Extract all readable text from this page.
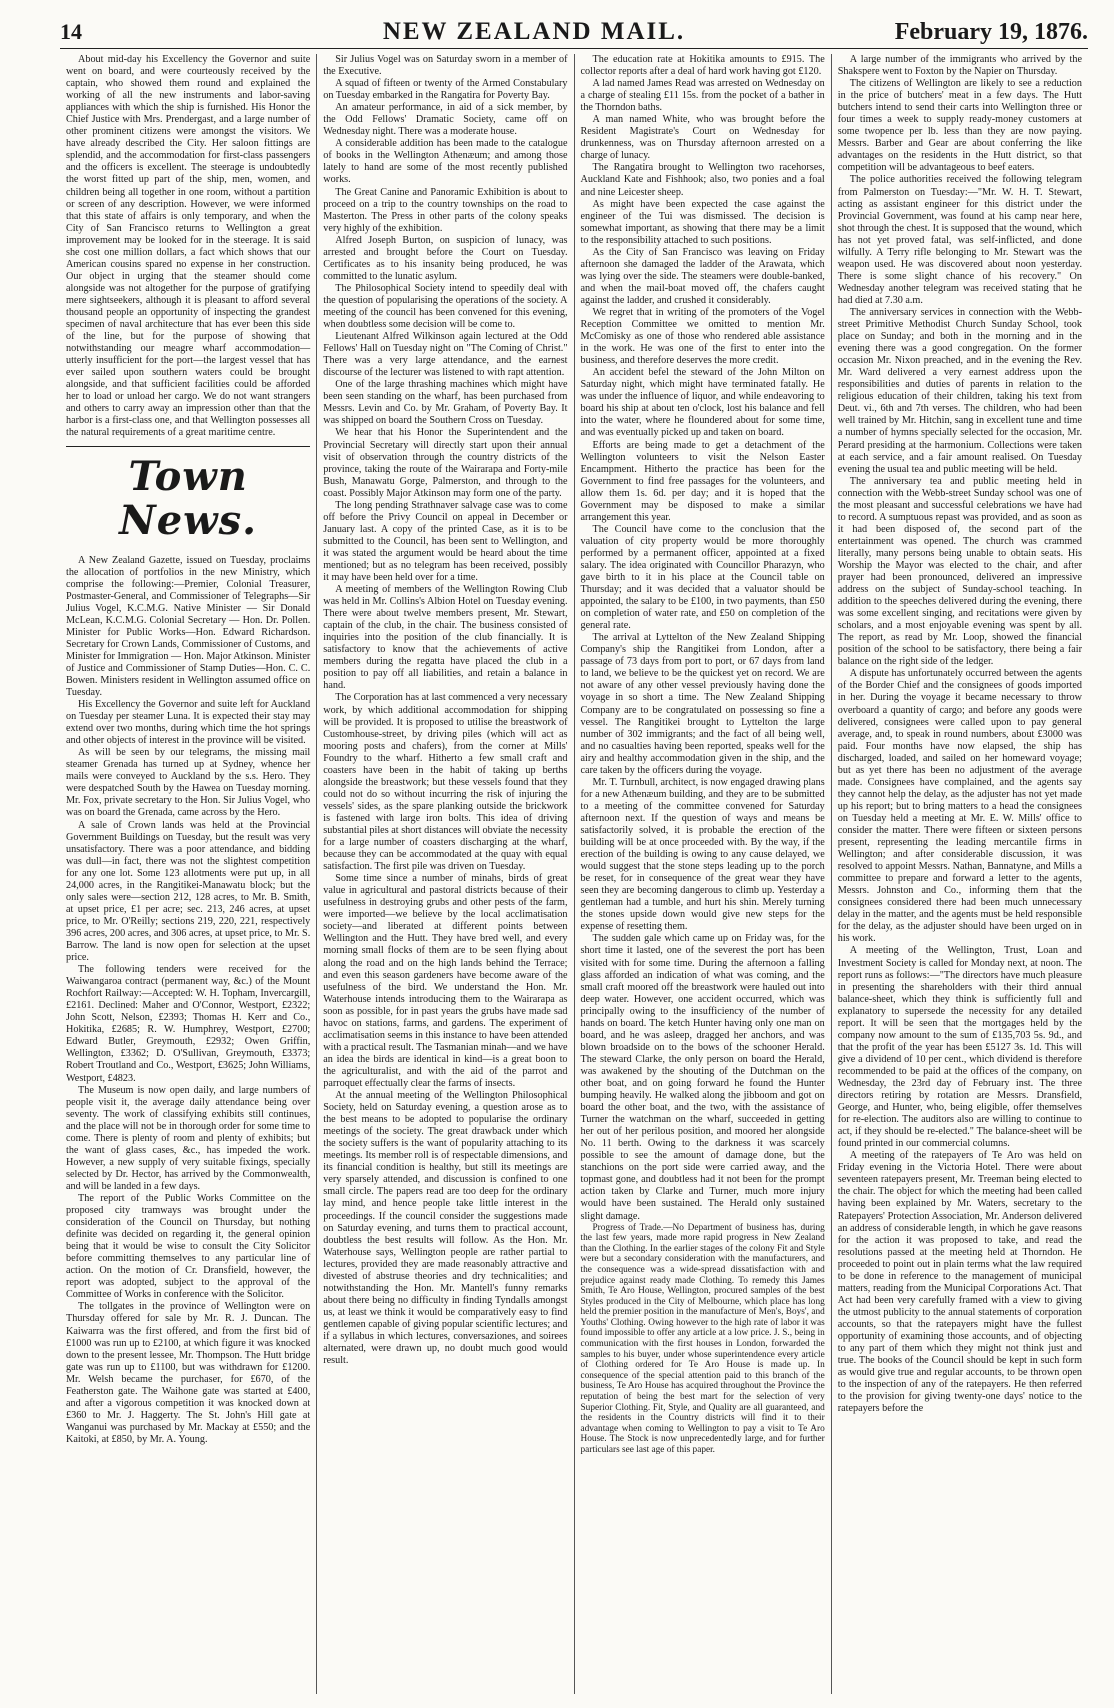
14	NEW ZEALAND MAIL.	February 19, 1876.

About mid-day his Excellency the Governor and suite went on board, and were courteously received by the captain, who showed them round and explained the working of all the new instruments and labor-saving appliances with which the ship is furnished. His Honor the Chief Justice with Mrs. Prendergast, and a large number of other prominent citizens were amongst the visitors. We have already described the City. Her saloon fittings are splendid, and the accommodation for first-class passengers and the officers is excellent. The steerage is undoubtedly the worst fitted up part of the ship, men, women, and children being all together in one room, without a partition or screen of any description. However, we were informed that this state of affairs is only temporary, and when the City of San Francisco returns to Wellington a great improvement may be looked for in the steerage. It is said she cost one million dollars, a fact which shows that our American cousins spared no expense in her construction. Our object in urging that the steamer should come alongside was not altogether for the purpose of gratifying mere sightseekers, although it is pleasant to afford several thousand people an opportunity of inspecting the grandest specimen of naval architecture that has ever been this side of the line, but for the purpose of showing that notwithstanding our meagre wharf accommodation—utterly insufficient for the port—the largest vessel that has ever sailed upon southern waters could be brought alongside, and that sufficient facilities could be afforded her to load or unload her cargo. We do not want strangers and others to carry away an impression other than that the harbor is a first-class one, and that Wellington possesses all the natural requirements of a great maritime centre.

Town News.

A New Zealand Gazette, issued on Tuesday, proclaims the allocation of portfolios in the new Ministry, which comprise the following:—Premier, Colonial Treasurer, Postmaster-General, and Commissioner of Telegraphs—Sir Julius Vogel, K.C.M.G. Native Minister — Sir Donald McLean, K.C.M.G. Colonial Secretary — Hon. Dr. Pollen. Minister for Public Works—Hon. Edward Richardson. Secretary for Crown Lands, Commissioner of Customs, and Minister for Immigration — Hon. Major Atkinson. Minister of Justice and Commissioner of Stamp Duties—Hon. C. C. Bowen. Ministers resident in Wellington assumed office on Tuesday.

His Excellency the Governor and suite left for Auckland on Tuesday per steamer Luna. It is expected their stay may extend over two months, during which time the hot springs and other objects of interest in the province will be visited.

As will be seen by our telegrams, the missing mail steamer Grenada has turned up at Sydney, whence her mails were conveyed to Auckland by the s.s. Hero. They were despatched South by the Hawea on Tuesday morning. Mr. Fox, private secretary to the Hon. Sir Julius Vogel, who was on board the Grenada, came across by the Hero.

A sale of Crown lands was held at the Provincial Government Buildings on Tuesday, but the result was very unsatisfactory. There was a poor attendance, and bidding was dull—in fact, there was not the slightest competition for any one lot. Some 123 allotments were put up, in all 24,000 acres, in the Rangitikei-Manawatu block; but the only sales were—section 212, 128 acres, to Mr. B. Smith, at upset price, £1 per acre; sec. 213, 246 acres, at upset price, to Mr. O'Reilly; sections 219, 220, 221, respectively 396 acres, 200 acres, and 306 acres, at upset price, to Mr. S. Barrow. The land is now open for selection at the upset price.

The following tenders were received for the Waiwangaroa contract (permanent way, &c.) of the Mount Rochfort Railway:—Accepted: W. H. Topham, Invercargill, £2161. Declined: Maher and O'Connor, Westport, £2322; John Scott, Nelson, £2393; Thomas H. Kerr and Co., Hokitika, £2685; R. W. Humphrey, Westport, £2700; Edward Butler, Greymouth, £2932; Owen Griffin, Wellington, £3362; D. O'Sullivan, Greymouth, £3373; Robert Troutland and Co., Westport, £3625; John Williams, Westport, £4823.

The Museum is now open daily, and large numbers of people visit it, the average daily attendance being over seventy. The work of classifying exhibits still continues, and the place will not be in thorough order for some time to come. There is plenty of room and plenty of exhibits; but the want of glass cases, &c., has impeded the work. However, a new supply of very suitable fixings, specially selected by Dr. Hector, has arrived by the Commonwealth, and will be landed in a few days.

The report of the Public Works Committee on the proposed city tramways was brought under the consideration of the Council on Thursday, but nothing definite was decided on regarding it, the general opinion being that it would be wise to consult the City Solicitor before committing themselves to any particular line of action. On the motion of Cr. Dransfield, however, the report was adopted, subject to the approval of the Committee of Works in conference with the Solicitor.

The tollgates in the province of Wellington were on Thursday offered for sale by Mr. R. J. Duncan. The Kaiwarra was the first offered, and from the first bid of £1000 was run up to £2100, at which figure it was knocked down to the present lessee, Mr. Thompson. The Hutt bridge gate was run up to £1100, but was withdrawn for £1200. Mr. Welsh became the purchaser, for £670, of the Featherston gate. The Waihone gate was started at £400, and after a vigorous competition it was knocked down at £360 to Mr. J. Haggerty. The St. John's Hill gate at Wanganui was purchased by Mr. Mackay at £550; and the Kaitoki, at £850, by Mr. A. Young.

Sir Julius Vogel was on Saturday sworn in a member of the Executive.

A squad of fifteen or twenty of the Armed Constabulary on Tuesday embarked in the Rangatira for Poverty Bay.

An amateur performance, in aid of a sick member, by the Odd Fellows' Dramatic Society, came off on Wednesday night. There was a moderate house.

A considerable addition has been made to the catalogue of books in the Wellington Athenæum; and among those lately to hand are some of the most recently published works.

The Great Canine and Panoramic Exhibition is about to proceed on a trip to the country townships on the road to Masterton. The Press in other parts of the colony speaks very highly of the exhibition.

Alfred Joseph Burton, on suspicion of lunacy, was arrested and brought before the Court on Tuesday. Certificates as to his insanity being produced, he was committed to the lunatic asylum.

The Philosophical Society intend to speedily deal with the question of popularising the operations of the society. A meeting of the council has been convened for this evening, when doubtless some decision will be come to.

Lieutenant Alfred Wilkinson again lectured at the Odd Fellows' Hall on Tuesday night on "The Coming of Christ." There was a very large attendance, and the earnest discourse of the lecturer was listened to with rapt attention.

One of the large thrashing machines which might have been seen standing on the wharf, has been purchased from Messrs. Levin and Co. by Mr. Graham, of Poverty Bay. It was shipped on board the Southern Cross on Tuesday.

We hear that his Honor the Superintendent and the Provincial Secretary will directly start upon their annual visit of observation through the country districts of the province, taking the route of the Wairarapa and Forty-mile Bush, Manawatu Gorge, Palmerston, and through to the coast. Possibly Major Atkinson may form one of the party.

The long pending Strathnaver salvage case was to come off before the Privy Council on appeal in December or January last. A copy of the printed Case, as it is to be submitted to the Council, has been sent to Wellington, and it was stated the argument would be heard about the time mentioned; but as no telegram has been received, possibly it may have been held over for a time.

A meeting of members of the Wellington Rowing Club was held in Mr. Collins's Albion Hotel on Tuesday evening. There were about twelve members present, Mr. Stewart, captain of the club, in the chair. The business consisted of inquiries into the position of the club financially. It is satisfactory to know that the achievements of active members during the regatta have placed the club in a position to pay off all liabilities, and retain a balance in hand.

The Corporation has at last commenced a very necessary work, by which additional accommodation for shipping will be provided. It is proposed to utilise the breastwork of Customhouse-street, by driving piles (which will act as mooring posts and chafers), from the corner at Mills' Foundry to the wharf. Hitherto a few small craft and coasters have been in the habit of taking up berths alongside the breastwork; but these vessels found that they could not do so without incurring the risk of injuring the vessels' sides, as the spare planking outside the brickwork is fastened with large iron bolts. This idea of driving substantial piles at short distances will obviate the necessity for a large number of coasters discharging at the wharf, because they can be accommodated at the quay with equal satisfaction. The first pile was driven on Tuesday.

Some time since a number of minahs, birds of great value in agricultural and pastoral districts because of their usefulness in destroying grubs and other pests of the farm, were imported—we believe by the local acclimatisation society—and liberated at different points between Wellington and the Hutt. They have bred well, and every morning small flocks of them are to be seen flying about along the road and on the high lands behind the Terrace; and even this season gardeners have become aware of the usefulness of the bird. We understand the Hon. Mr. Waterhouse intends introducing them to the Wairarapa as soon as possible, for in past years the grubs have made sad havoc on stations, farms, and gardens. The experiment of acclimatisation seems in this instance to have been attended with a practical result. The Tasmanian minah—and we have an idea the birds are identical in kind—is a great boon to the agriculturalist, and with the aid of the parrot and parroquet effectually clear the farms of insects.

At the annual meeting of the Wellington Philosophical Society, held on Saturday evening, a question arose as to the best means to be adopted to popularise the ordinary meetings of the society. The great drawback under which the society suffers is the want of popularity attaching to its meetings. Its member roll is of respectable dimensions, and its financial condition is healthy, but still its meetings are very sparsely attended, and discussion is confined to one small circle. The papers read are too deep for the ordinary lay mind, and hence people take little interest in the proceedings. If the council consider the suggestions made on Saturday evening, and turns them to practical account, doubtless the best results will follow. As the Hon. Mr. Waterhouse says, Wellington people are rather partial to lectures, provided they are made reasonably attractive and divested of abstruse theories and dry technicalities; and notwithstanding the Hon. Mr. Mantell's funny remarks about there being no difficulty in finding Tyndalls amongst us, at least we think it would be comparatively easy to find gentlemen capable of giving popular scientific lectures; and if a syllabus in which lectures, conversaziones, and soirees alternated, were drawn up, no doubt much good would result.

The education rate at Hokitika amounts to £915. The collector reports after a deal of hard work having got £120.

A lad named James Read was arrested on Wednesday on a charge of stealing £11 15s. from the pocket of a bather in the Thorndon baths.

A man named White, who was brought before the Resident Magistrate's Court on Wednesday for drunkenness, was on Thursday afternoon arrested on a charge of lunacy.

The Rangatira brought to Wellington two racehorses, Auckland Kate and Fishhook; also, two ponies and a foal and nine Leicester sheep.

As might have been expected the case against the engineer of the Tui was dismissed. The decision is somewhat important, as showing that there may be a limit to the responsibility attached to such positions.

As the City of San Francisco was leaving on Friday afternoon she damaged the ladder of the Arawata, which was lying over the side. The steamers were double-banked, and when the mail-boat moved off, the chafers caught against the ladder, and crushed it considerably.

We regret that in writing of the promoters of the Vogel Reception Committee we omitted to mention Mr. McComisky as one of those who rendered able assistance in the work. He was one of the first to enter into the business, and therefore deserves the more credit.

An accident befel the steward of the John Milton on Saturday night, which might have terminated fatally. He was under the influence of liquor, and while endeavoring to board his ship at about ten o'clock, lost his balance and fell into the water, where he floundered about for some time, and was eventually picked up and taken on board.

Efforts are being made to get a detachment of the Wellington volunteers to visit the Nelson Easter Encampment. Hitherto the practice has been for the Government to find free passages for the volunteers, and allow them 1s. 6d. per day; and it is hoped that the Government may be disposed to make a similar arrangement this year.

The Council have come to the conclusion that the valuation of city property would be more thoroughly performed by a permanent officer, appointed at a fixed salary. The idea originated with Councillor Pharazyn, who gave birth to it in his place at the Council table on Thursday; and it was decided that a valuator should be appointed, the salary to be £100, in two payments, than £50 on completion of water rate, and £50 on completion of the general rate.

The arrival at Lyttelton of the New Zealand Shipping Company's ship the Rangitikei from London, after a passage of 73 days from port to port, or 67 days from land to land, we believe to be the quickest yet on record. We are not aware of any other vessel previously having done the voyage in so short a time. The New Zealand Shipping Company are to be congratulated on possessing so fine a vessel. The Rangitikei brought to Lyttelton the large number of 302 immigrants; and the fact of all being well, and no casualties having been reported, speaks well for the airy and healthy accommodation given in the ship, and the care taken by the officers during the voyage.

Mr. T. Turnbull, architect, is now engaged drawing plans for a new Athenæum building, and they are to be submitted to a meeting of the committee convened for Saturday afternoon next. If the question of ways and means be satisfactorily solved, it is probable the erection of the building will be at once proceeded with. By the way, if the erection of the building is owing to any cause delayed, we would suggest that the stone steps leading up to the porch be reset, for in consequence of the great wear they have seen they are becoming dangerous to climb up. Yesterday a gentleman had a tumble, and hurt his shin. Merely turning the stones upside down would give new steps for the expense of resetting them.

The sudden gale which came up on Friday was, for the short time it lasted, one of the severest the port has been visited with for some time. During the afternoon a falling glass afforded an indication of what was coming, and the small craft moored off the breastwork were hauled out into deep water. However, one accident occurred, which was principally owing to the insufficiency of the number of hands on board. The ketch Hunter having only one man on board, and he was asleep, dragged her anchors, and was blown broadside on to the bows of the schooner Herald. The steward Clarke, the only person on board the Herald, was awakened by the shouting of the Dutchman on the other boat, and on going forward he found the Hunter bumping heavily. He walked along the jibboom and got on board the other boat, and the two, with the assistance of Turner the watchman on the wharf, succeeded in getting her out of her perilous position, and moored her alongside No. 11 berth. Owing to the darkness it was scarcely possible to see the amount of damage done, but the stanchions on the port side were carried away, and the topmast gone, and doubtless had it not been for the prompt action taken by Clarke and Turner, much more injury would have been sustained. The Herald only sustained slight damage.

Progress of Trade.—No Department of business has, during the last few years, made more rapid progress in New Zealand than the Clothing. In the earlier stages of the colony Fit and Style were but a secondary consideration with the manufacturers, and the consequence was a wide-spread dissatisfaction with and prejudice against ready made Clothing. To remedy this James Smith, Te Aro House, Wellington, procured samples of the best Styles produced in the City of Melbourne, which place has long held the premier position in the manufacture of Men's, Boys', and Youths' Clothing. Owing however to the high rate of labor it was found impossible to offer any article at a low price. J. S., being in communication with the first houses in London, forwarded the samples to his buyer, under whose superintendence every article of Clothing ordered for Te Aro House is made up. In consequence of the special attention paid to this branch of the business, Te Aro House has acquired throughout the Province the reputation of being the best mart for the selection of very Superior Clothing. Fit, Style, and Quality are all guaranteed, and the residents in the Country districts will find it to their advantage when coming to Wellington to pay a visit to Te Aro House. The Stock is now unprecedentedly large, and for further particulars see last age of this paper.

A large number of the immigrants who arrived by the Shakspere went to Foxton by the Napier on Thursday.

The citizens of Wellington are likely to see a reduction in the price of butchers' meat in a few days. The Hutt butchers intend to send their carts into Wellington three or four times a week to supply ready-money customers at some twopence per lb. less than they are now paying. Messrs. Barber and Gear are about conferring the like advantages on the residents in the Hutt district, so that competition will be advantageous to beef eaters.

The police authorities received the following telegram from Palmerston on Tuesday:—"Mr. W. H. T. Stewart, acting as assistant engineer for this district under the Provincial Government, was found at his camp near here, shot through the chest. It is supposed that the wound, which has not yet proved fatal, was self-inflicted, and done wilfully. A Terry rifle belonging to Mr. Stewart was the weapon used. He was discovered about noon yesterday. There is some slight chance of his recovery." On Wednesday another telegram was received stating that he had died at 7.30 a.m.

The anniversary services in connection with the Webb-street Primitive Methodist Church Sunday School, took place on Sunday; and both in the morning and in the evening there was a good congregation. On the former occasion Mr. Nixon preached, and in the evening the Rev. Mr. Ward delivered a very earnest address upon the responsibilities and duties of parents in relation to the religious education of their children, taking his text from Deut. vi., 6th and 7th verses. The children, who had been well trained by Mr. Hitchin, sang in excellent tune and time a number of hymns specially selected for the occasion, Mr. Perard presiding at the harmonium. Collections were taken at each service, and a fair amount realised. On Tuesday evening the usual tea and public meeting will be held.

The anniversary tea and public meeting held in connection with the Webb-street Sunday school was one of the most pleasant and successful celebrations we have had to record. A sumptuous repast was provided, and as soon as it had been disposed of, the second part of the entertainment was opened. The church was crammed literally, many persons being unable to obtain seats. His Worship the Mayor was elected to the chair, and after prayer had been pronounced, delivered an impressive address on the subject of Sunday-school teaching. In addition to the speeches delivered during the evening, there was some excellent singing, and recitations were given by scholars, and a most enjoyable evening was spent by all. The report, as read by Mr. Loop, showed the financial position of the school to be satisfactory, there being a fair balance on the right side of the ledger.

A dispute has unfortunately occurred between the agents of the Border Chief and the consignees of goods imported in her. During the voyage it became necessary to throw overboard a quantity of cargo; and before any goods were delivered, consignees were called upon to pay general average, and, to speak in round numbers, about £3000 was paid. Four months have now elapsed, the ship has discharged, loaded, and sailed on her homeward voyage; but as yet there has been no adjustment of the average made. Consignees have complained, and the agents say they cannot help the delay, as the adjuster has not yet made up his report; but to bring matters to a head the consignees on Tuesday held a meeting at Mr. E. W. Mills' office to consider the matter. There were fifteen or sixteen persons present, representing the leading mercantile firms in Wellington; and after considerable discussion, it was resolved to appoint Messrs. Nathan, Bannatyne, and Mills a committee to prepare and forward a letter to the agents, Messrs. Johnston and Co., informing them that the consignees considered there had been much unnecessary delay in the matter, and the agents must be held responsible for the delay, as the adjuster should have been urged on in his work.

A meeting of the Wellington, Trust, Loan and Investment Society is called for Monday next, at noon. The report runs as follows:—"The directors have much pleasure in presenting the shareholders with their third annual balance-sheet, which they think is sufficiently full and explanatory to supersede the necessity for any detailed report. It will be seen that the mortgages held by the company now amount to the sum of £135,703 5s. 9d., and that the profit of the year has been £5127 3s. 1d. This will give a dividend of 10 per cent., which dividend is therefore recommended to be paid at the offices of the company, on Wednesday, the 23rd day of February inst. The three directors retiring by rotation are Messrs. Dransfield, George, and Hunter, who, being eligible, offer themselves for re-election. The auditors also are willing to continue to act, if they should be re-elected." The balance-sheet will be found printed in our commercial columns.

A meeting of the ratepayers of Te Aro was held on Friday evening in the Victoria Hotel. There were about seventeen ratepayers present, Mr. Treeman being elected to the chair. The object for which the meeting had been called having been explained by Mr. Waters, secretary to the Ratepayers' Protection Association, Mr. Anderson delivered an address of considerable length, in which he gave reasons for the action it was proposed to take, and read the resolutions passed at the meeting held at Thorndon. He proceeded to point out in plain terms what the law required to be done in reference to the management of municipal matters, reading from the Municipal Corporations Act. That Act had been very carefully framed with a view to giving the utmost publicity to the annual statements of corporation accounts, so that the ratepayers might have the fullest opportunity of examining those accounts, and of objecting to any part of them which they might not think just and true. The books of the Council should be kept in such form as would give true and regular accounts, to be thrown open to the inspection of any of the ratepayers. He then referred to the provision for giving twenty-one days' notice to the ratepayers before the
